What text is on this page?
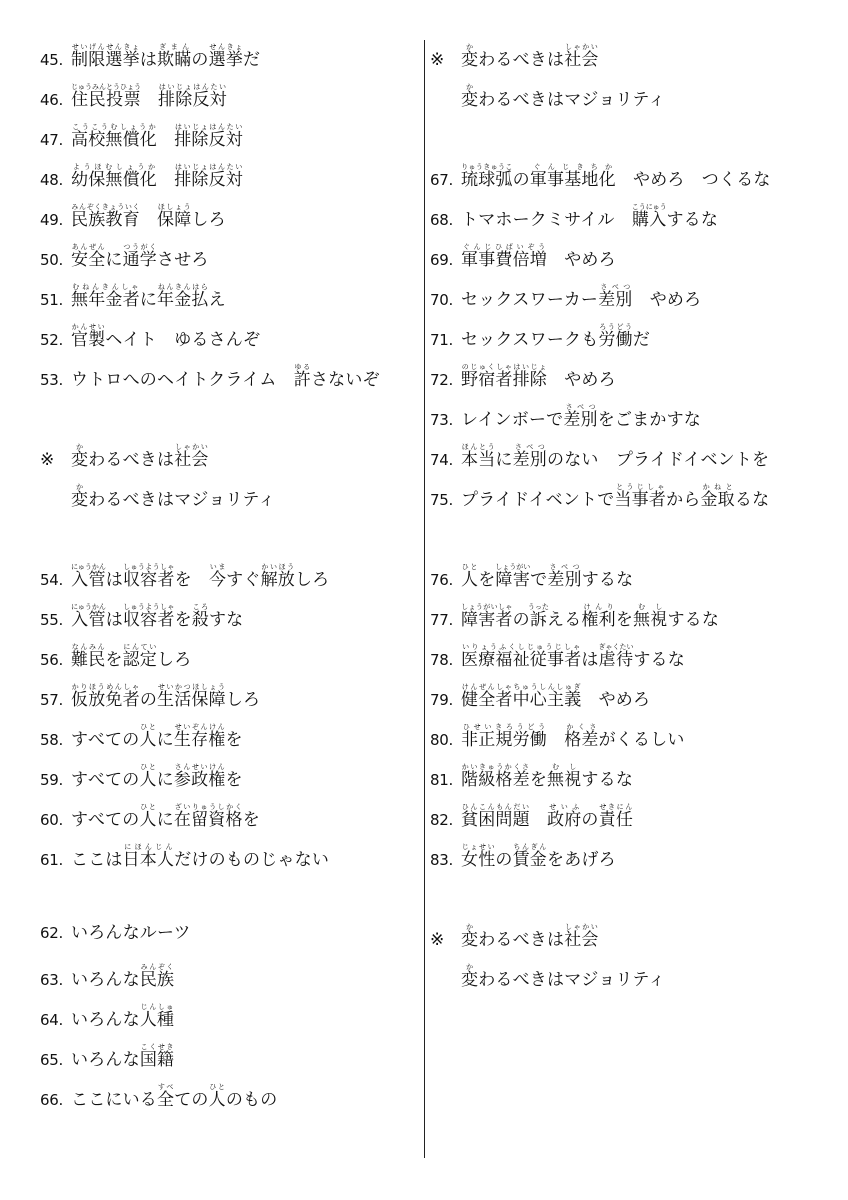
45. 制限選挙せいげんせんきょは欺瞞ぎまんの選挙せんきょだ
46. 住民投票じゅうみんとうひょう　排除反対はいじょはんたい
47. 高校無償化こうこうむしょうか　排除反対はいじょはんたい
48. 幼保無償化ようほむしょうか　排除反対はいじょはんたい
49. 民族教育みんぞくきょういく　保障ほしょうしろ
50. 安全あんぜんに通学つうがくさせろ
51. 無年金者むねんきんしゃに年金払ねんきんはらえ
52. 官製かんせいヘイト　ゆるさんぞ
53. ウトロへのヘイトクライム　許ゆるさないぞ
※	変かわるべきは社会しゃかい
変かわるべきはマジョリティ
54. 入管にゅうかんは収容者しゅうようしゃを　今いますぐ解放かいほうしろ
55. 入管にゅうかんは収容者しゅうようしゃを殺ころすな
56. 難民なんみんを認定にんていしろ
57. 仮放免者かりほうめんしゃの生活保障せいかつほしょうしろ
58. すべての人ひとに生存権せいぞんけんを
59. すべての人ひとに参政権さんせいけんを
60. すべての人ひとに在留資格ざいりゅうしかくを
61. ここは日本人にほんじんだけのものじゃない
62. いろんなルーツ
63. いろんな民族みんぞく
64. いろんな人種じんしゅ
65. いろんな国籍こくせき
66. ここにいる全すべての人ひとのもの
※	変かわるべきは社会しゃかい
変かわるべきはマジョリティ
67. 琉球弧りゅうきゅうこの軍事基地化ぐんじきちか　やめろ　つくるな
68. トマホークミサイル　購入こうにゅうするな
69. 軍事費倍増ぐんじひばいぞう　やめろ
70. セックスワーカー差別さべつ　やめろ
71. セックスワークも労働ろうどうだ
72. 野宿者排除のじゅくしゃはいじょ　やめろ
73. レインボーで差別さべつをごまかすな
74. 本当ほんとうに差別さべつのない　プライドイベントを
75. プライドイベントで当事者とうじしゃから金取かねとるな
76. 人ひとを障害しょうがいで差別さべつするな
77. 障害者しょうがいしゃの訴うったえる権利けんりを無視むしするな
78. 医療福祉従事者いりょうふくしじゅうじしゃは虐待ぎゃくたいするな
79. 健全者中心主義けんぜんしゃちゅうしんしゅぎ　やめろ
80. 非正規労働ひせいきろうどう　格差かくさがくるしい
81. 階級格差かいきゅうかくさを無視むしするな
82. 貧困問題ひんこんもんだい　政府せいふの責任せきにん
83. 女性じょせいの賃金ちんぎんをあげろ
※	変かわるべきは社会しゃかい
変かわるべきはマジョリティ
